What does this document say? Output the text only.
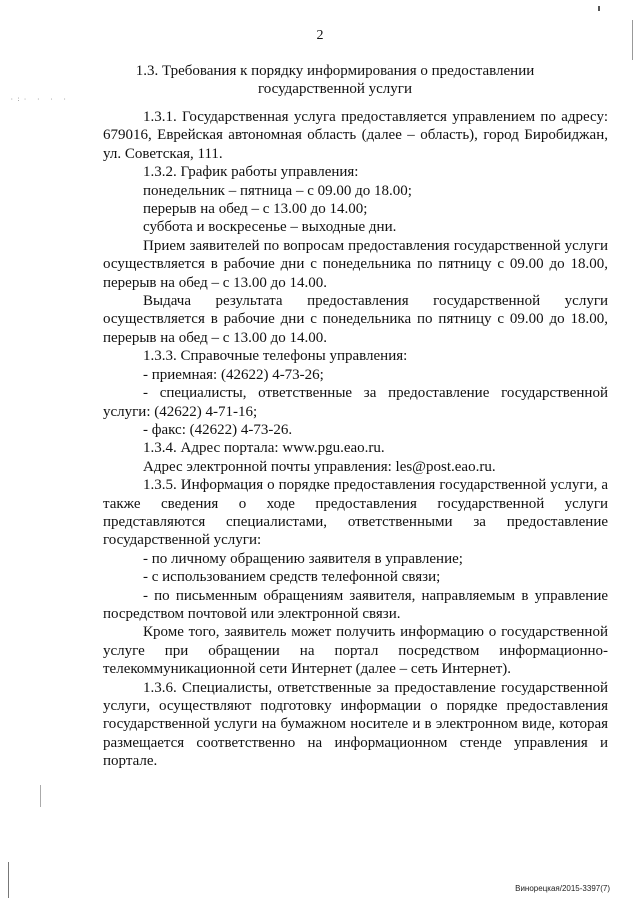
·:· · · ·
2
1.3. Требования к порядку информирования о предоставлении
государственной услуги

1.3.1. Государственная услуга предоставляется управлением по адресу: 679016, Еврейская автономная область (далее – область), город Биробиджан, ул. Советская, 111.

1.3.2. График работы управления:

понедельник – пятница – с 09.00 до 18.00;

перерыв на обед – с 13.00 до 14.00;

суббота и воскресенье – выходные дни.

Прием заявителей по вопросам предоставления государственной услуги осуществляется в рабочие дни с понедельника по пятницу с 09.00 до 18.00, перерыв на обед – с 13.00 до 14.00.

Выдача результата предоставления государственной услуги осуществляется в рабочие дни с понедельника по пятницу с 09.00 до 18.00, перерыв на обед – с 13.00 до 14.00.

1.3.3. Справочные телефоны управления:

- приемная: (42622) 4-73-26;

- специалисты, ответственные за предоставление государственной услуги: (42622) 4-71-16;

- факс: (42622) 4-73-26.

1.3.4. Адрес портала: www.pgu.eao.ru.

Адрес электронной почты управления: les@post.eao.ru.

1.3.5. Информация о порядке предоставления государственной услуги, а также сведения о ходе предоставления государственной услуги представляются специалистами, ответственными за предоставление государственной услуги:

- по личному обращению заявителя в управление;

- с использованием средств телефонной связи;

- по письменным обращениям заявителя, направляемым в управление посредством почтовой или электронной связи.

Кроме того, заявитель может получить информацию о государственной услуге при обращении на портал посредством информационно-телекоммуникационной сети Интернет (далее – сеть Интернет).

1.3.6. Специалисты, ответственные за предоставление государственной услуги, осуществляют подготовку информации о порядке предоставления государственной услуги на бумажном носителе и в электронном виде, которая размещается соответственно на информационном стенде управления и портале.

Винорецкая/2015-3397(7)
